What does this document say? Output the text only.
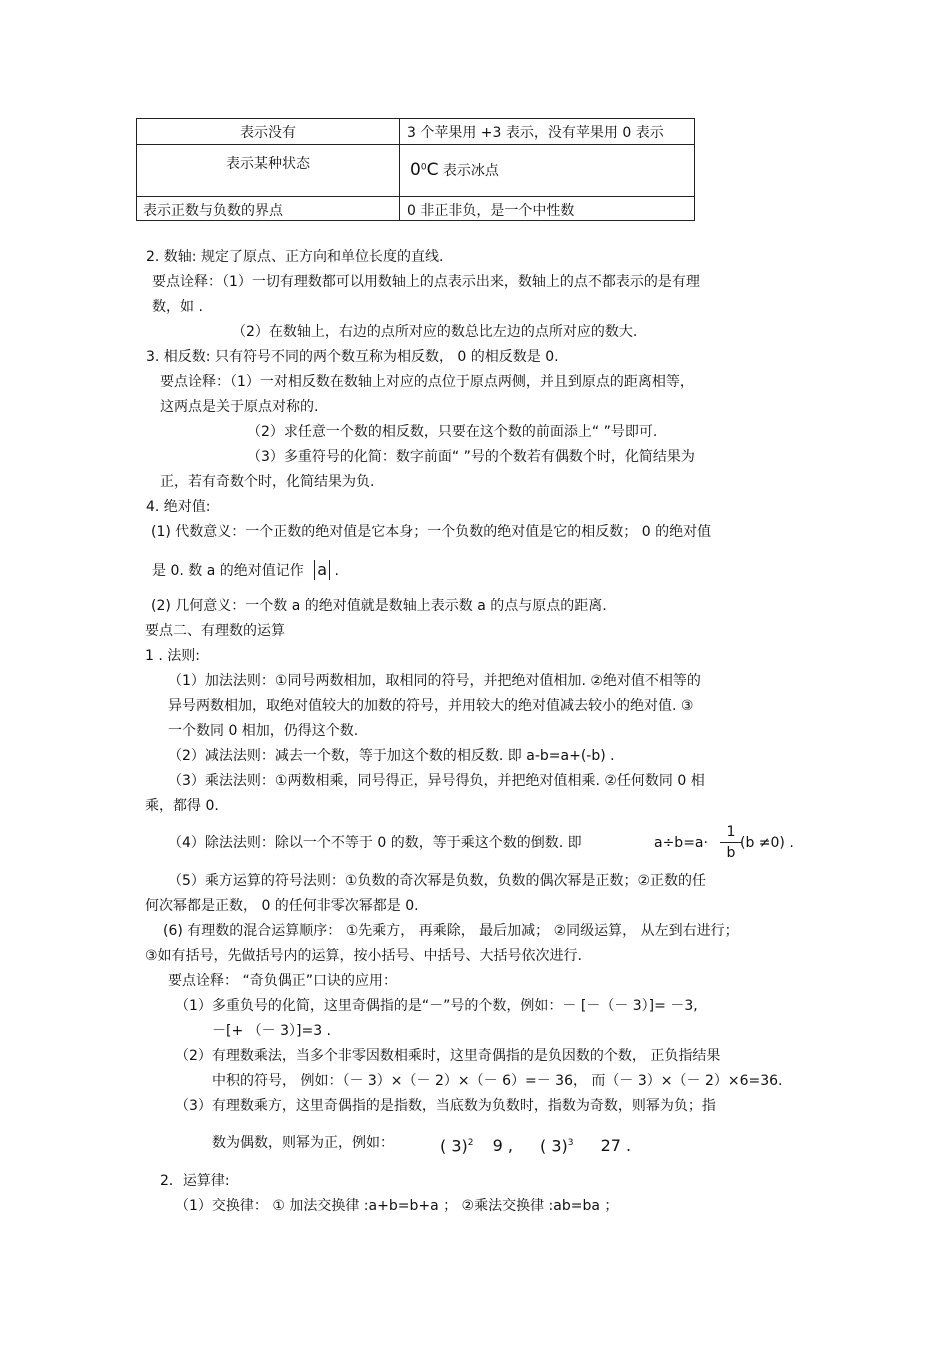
表示没有	3 个苹果用 +3 表示，没有苹果用 0 表示
表示某种状态	$0^0C$ 表示冰点
表示正数与负数的界点	0 非正非负，是一个中性数
2. 数轴: 规定了原点、正方向和单位长度的直线.
要点诠释：（1）一切有理数都可以用数轴上的点表示出来，数轴上的点不都表示的是有理
数，如 .
（2）在数轴上，右边的点所对应的数总比左边的点所对应的数大.
3. 相反数: 只有符号不同的两个数互称为相反数， 0 的相反数是 0.
要点诠释：（1）一对相反数在数轴上对应的点位于原点两侧，并且到原点的距离相等，
这两点是关于原点对称的.
（2）求任意一个数的相反数，只要在这个数的前面添上“ ”号即可.
（3）多重符号的化简：数字前面“ ”号的个数若有偶数个时，化简结果为
正，若有奇数个时，化简结果为负.
4. 绝对值:
(1) 代数意义：一个正数的绝对值是它本身；一个负数的绝对值是它的相反数； 0 的绝对值
是 0. 数 a 的绝对值记作 a .
(2) 几何意义：一个数 a 的绝对值就是数轴上表示数 a 的点与原点的距离.
要点二、有理数的运算
1 . 法则:
（1）加法法则：①同号两数相加，取相同的符号，并把绝对值相加. ②绝对值不相等的
异号两数相加，取绝对值较大的加数的符号，并用较大的绝对值减去较小的绝对值. ③
一个数同 0 相加，仍得这个数.
（2）减法法则：减去一个数，等于加这个数的相反数. 即 a-b=a+(-b) .
（3）乘法法则：①两数相乘，同号得正，异号得负，并把绝对值相乘. ②任何数同 0 相
乘，都得 0.
（4）除法法则：除以一个不等于 0 的数，等于乘这个数的倒数. 即	$a\div b=a\cdot \frac{1}{b}$
(b ≠0) .
（5）乘方运算的符号法则：①负数的奇次幂是负数，负数的偶次幂是正数；②正数的任
何次幂都是正数， 0 的任何非零次幂都是 0.
(6) 有理数的混合运算顺序： ①先乘方， 再乘除， 最后加减； ②同级运算， 从左到右进行；
③如有括号，先做括号内的运算，按小括号、中括号、大括号依次进行.
要点诠释： “奇负偶正”口诀的应用：
（1）多重负号的化简，这里奇偶指的是“－”号的个数，例如：－ [－（－ 3）]= －3,
－[+ （－ 3）]=3 .
（2）有理数乘法，当多个非零因数相乘时，这里奇偶指的是负因数的个数， 正负指结果
中积的符号， 例如：（－ 3）×（－ 2）×（－ 6）=－ 36， 而（－ 3）×（－ 2）×6=36.
（3）有理数乘方，这里奇偶指的是指数，当底数为负数时，指数为奇数，则幂为负；指
数为偶数，则幂为正，例如：	( 3)$^2$ 9 , ( 3)$^3$ 27 .
2．运算律:
（1）交换律： ① 加法交换律 :a+b=b+a ； ②乘法交换律 :ab=ba ；
